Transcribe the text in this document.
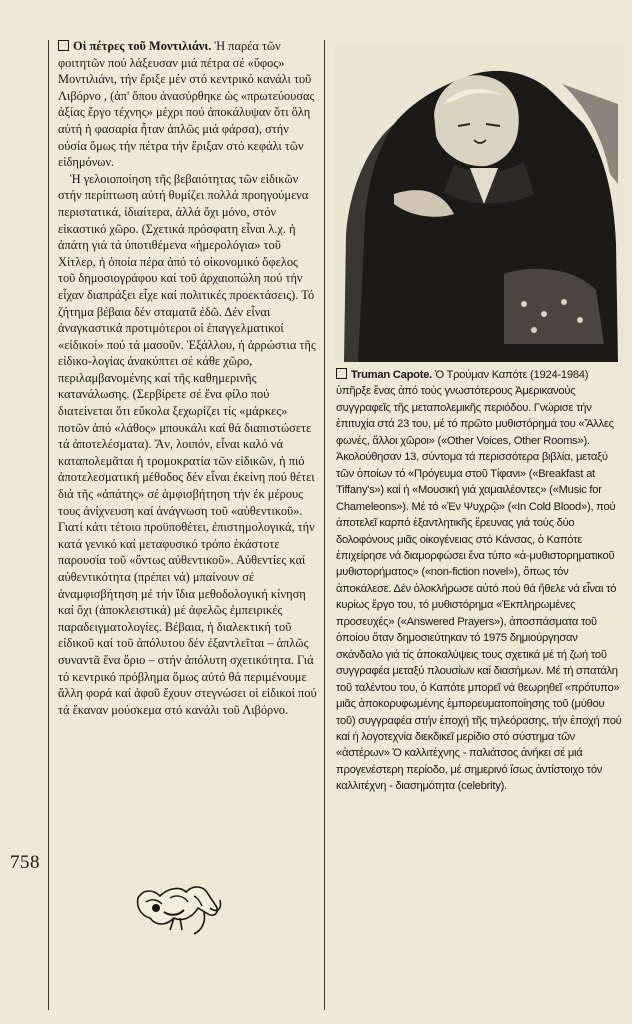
758

Οἱ πέτρες τοῦ Μοντιλιάνι. Ἡ παρέα τῶν φοιτητῶν πού λάξευσαν μιά πέτρα σέ «ὕφος» Μοντιλιάνι, τήν ἔριξε μέν στό κεντρικό κανάλι τοῦ Λιβόρνο , (ἀπ' ὅπου ἀνασύρθηκε ὡς «πρωτεύουσας ἀξίας ἔργο τέχνης» μέχρι πού ἀποκάλυψαν ὅτι ὅλη αὐτή ἡ φασαρία ἦταν ἁπλῶς μιά φάρσα), στήν οὐσία ὅμως τήν πέτρα τήν ἔριξαν στό κεφάλι τῶν εἰδημόνων.

Ἡ γελοιοποίηση τῆς βεβαιότητας τῶν εἰδικῶν στήν περίπτωση αὐτή θυμίζει πολλά προηγούμενα περιστατικά, ἰδιαίτερα, ἀλλά ὄχι μόνο, στόν εἰκαστικό χῶρο. (Σχετικά πρόσφατη εἶναι λ.χ. ἡ ἀπάτη γιά τά ὑποτιθέμενα «ἡμερολόγια» τοῦ Χίτλερ, ἡ ὁποία πέρα ἀπό τό οἰκονομικό ὄφελος τοῦ δημοσιογράφου καί τοῦ ἀρχαιοπώλη πού τήν εἶχαν διαπράξει εἶχε καί πολιτικές προεκτάσεις). Τό ζήτημα βέβαια δέν σταματᾶ ἐδῶ. Δέν εἶναι ἀναγκαστικά προτιμότεροι οἱ ἐπαγγελματικοί «εἰδικοί» πού τά μασοῦν. Ἐξάλλου, ἡ ἀρρώστια τῆς εἰδικο-λογίας ἀνακύπτει σέ κάθε χῶρο, περιλαμβανομένης καί τῆς καθημερινῆς κατανάλωσης. (Σερβίρετε σέ ἕνα φίλο πού διατείνεται ὅτι εὔκολα ξεχωρίζει τίς «μάρκες» ποτῶν ἀπό «λάθος» μπουκάλι καί θά διαπιστώσετε τά ἀποτελέσματα). Ἄν, λοιπόν, εἶναι καλό νά καταπολεμᾶται ἡ τρομοκρατία τῶν εἰδικῶν, ἡ πιό ἀποτελεσματική μέθοδος δέν εἶναι ἐκείνη πού θέτει διά τῆς «ἀπάτης» σέ ἀμφισβήτηση τήν ἐκ μέρους τους ἀνίχνευση καί ἀνάγνωση τοῦ «αὐθεντικοῦ». Γιατί κάτι τέτοιο προϋποθέτει, ἐπιστημολογικά, τήν κατά γενικό καί μεταφυσικό τρόπο ἑκάστοτε παρουσία τοῦ «ὄντως αὐθεντικοῦ». Αὐθεντίες καί αὐθεντικότητα (πρέπει νά) μπαίνουν σέ ἀναμφισβήτηση μέ τήν ἴδια μεθοδολογική κίνηση καί ὄχι (ἀποκλειστικά) μέ ἀφελῶς ἐμπειρικές παραδειγματολογίες. Βέβαια, ἡ διαλεκτική τοῦ εἰδικοῦ καί τοῦ ἀπόλυτου δέν ἐξαντλεῖται – ἁπλῶς συναντᾶ ἕνα ὅριο – στήν ἀπόλυτη σχετικότητα. Γιά τό κεντρικό πρόβλημα ὅμως αὐτό θά περιμένουμε ἄλλη φορά καί ἀφοῦ ἔχουν στεγνώσει οἱ εἰδικοί πού τά ἔκαναν μούσκεμα στό κανάλι τοῦ Λιβόρνο.

Truman Capote. Ὁ Τρούμαν Καπότε (1924-1984) ὑπῆρξε ἕνας ἀπό τούς γνωστότερους Ἀμερικανούς συγγραφεῖς τῆς μεταπολεμικῆς περιόδου. Γνώρισε τήν ἐπιτυχία στά 23 του, μέ τό πρῶτο μυθιστόρημά του «Ἄλλες φωνές, ἄλλοι χῶροι» («Other Voices, Other Rooms»). Ἀκολούθησαν 13, σύντομα τά περισσότερα βιβλία, μεταξύ τῶν ὁποίων τό «Πρόγευμα στοῦ Τίφανι» («Breakfast at Tiffany's») καί ἡ «Μουσική γιά χαμαιλέοντες» («Music for Chameleons»). Μέ τό «Ἐν Ψυχρῷ» («In Cold Blood»), πού ἀποτελεῖ καρπό ἑξαντλητικῆς ἔρευνας γιά τούς δύο δολοφόνους μιᾶς οἰκογένειας στό Κάνσας, ὁ Καπότε ἐπιχείρησε νά διαμορφώσει ἕνα τύπο «ἀ-μυθιστορηματικοῦ μυθιστορήματος» («non-fiction novel»), ὅπως τόν ἀποκάλεσε. Δέν ὁλοκλήρωσε αὐτό πού θά ἤθελε νά εἶναι τό κυρίως ἔργο του, τό μυθιστόρημα «Ἐκπληρωμένες προσευχές» («Answered Prayers»), ἀποσπάσματα τοῦ ὁποίου ὅταν δημοσιεύτηκαν τό 1975 δημιούργησαν σκάνδαλο γιά τίς ἀποκαλύψεις τους σχετικά μέ τή ζωή τοῦ συγγραφέα μεταξύ πλουσίων καί διασήμων. Μέ τή σπατάλη τοῦ ταλέντου του, ὁ Καπότε μπορεῖ νά θεωρηθεῖ «πρότυπο» μιᾶς ἀποκορυφωμένης ἐμπορευματοποίησης τοῦ (μύθου τοῦ) συγγραφέα στήν ἐποχή τῆς τηλεόρασης, τήν ἐποχή πού καί ἡ λογοτεχνία διεκδικεῖ μερίδιο στό σύστημα τῶν «ἀστέρων» Ὁ καλλιτέχνης - παλιάτσος ἀνήκει σέ μιά προγενέστερη περίοδο, μέ σημερινό ἴσως ἀντίστοιχο τόν καλλιτέχνη - διασημότητα (celebrity).
